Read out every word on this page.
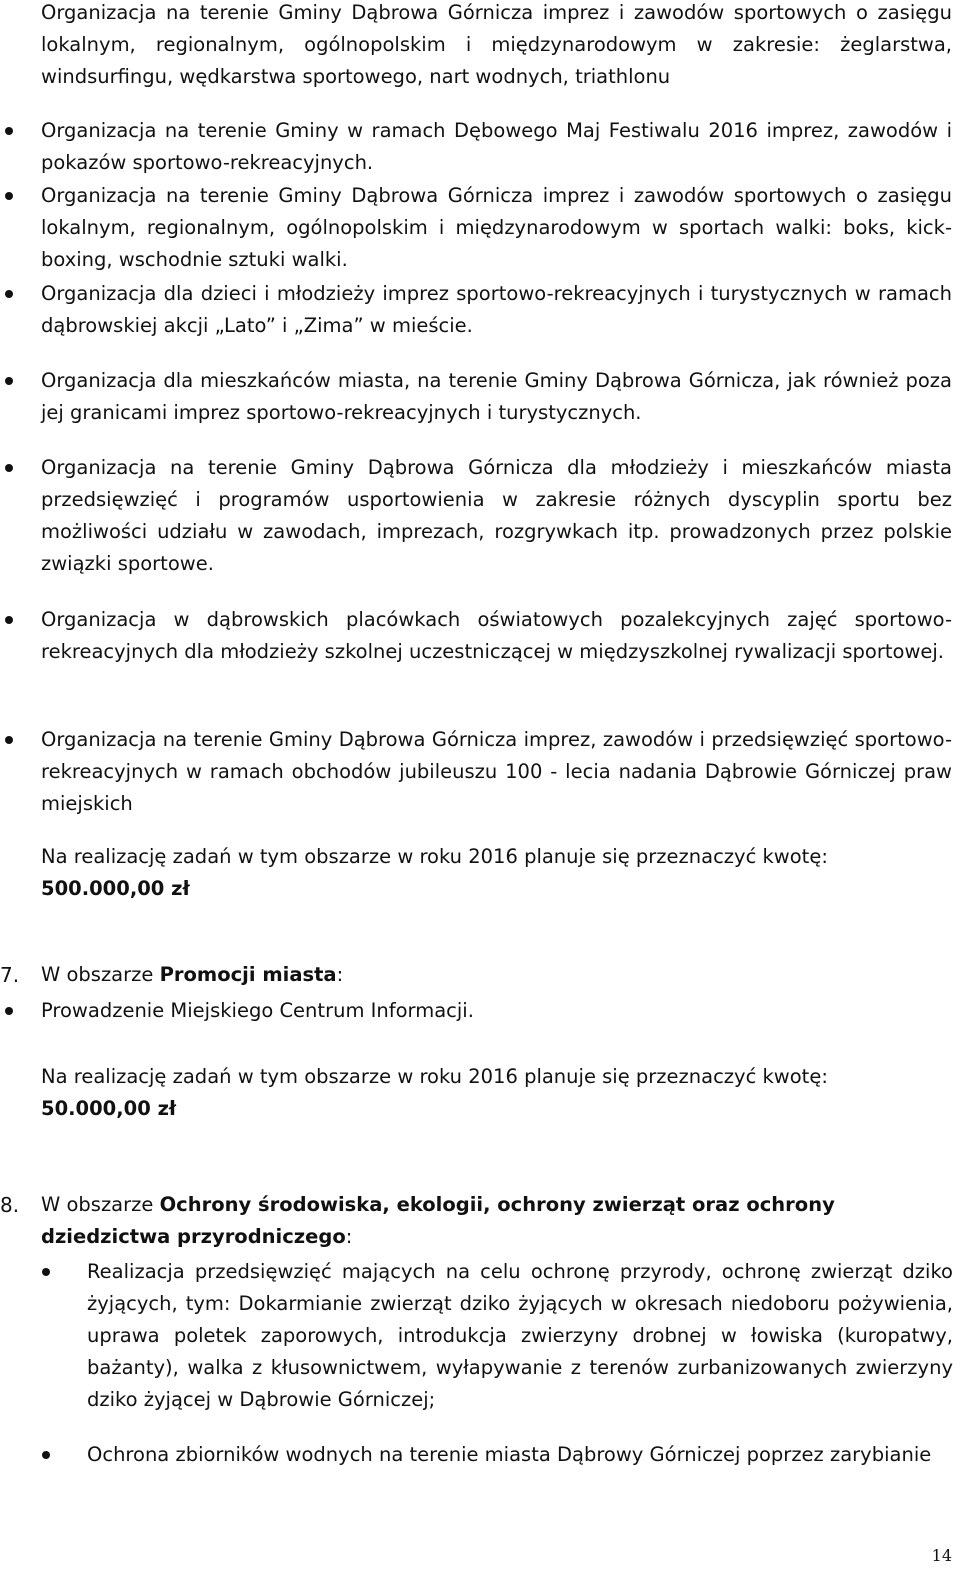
Organizacja na terenie Gminy Dąbrowa Górnicza imprez i zawodów sportowych o zasięgu lokalnym, regionalnym, ogólnopolskim i międzynarodowym w zakresie: żeglarstwa, windsurfingu, wędkarstwa sportowego, nart wodnych, triathlonu
Organizacja na terenie Gminy w ramach Dębowego Maj Festiwalu 2016 imprez, zawodów i pokazów sportowo-rekreacyjnych.
Organizacja na terenie Gminy Dąbrowa Górnicza imprez i zawodów sportowych o zasięgu lokalnym, regionalnym, ogólnopolskim i międzynarodowym w sportach walki: boks, kick-boxing, wschodnie sztuki walki.
Organizacja dla dzieci i młodzieży imprez sportowo-rekreacyjnych i turystycznych w ramach dąbrowskiej akcji „Lato” i „Zima” w mieście.
Organizacja dla mieszkańców miasta, na terenie Gminy Dąbrowa Górnicza, jak również poza jej granicami imprez sportowo-rekreacyjnych i turystycznych.
Organizacja na terenie Gminy Dąbrowa Górnicza dla młodzieży i mieszkańców miasta przedsięwzięć i programów usportowienia w zakresie różnych dyscyplin sportu bez możliwości udziału w zawodach, imprezach, rozgrywkach itp. prowadzonych przez polskie związki sportowe.
Organizacja w dąbrowskich placówkach oświatowych pozalekcyjnych zajęć sportowo-rekreacyjnych dla młodzieży szkolnej uczestniczącej w międzyszkolnej rywalizacji sportowej.
Organizacja na terenie Gminy Dąbrowa Górnicza imprez, zawodów i przedsięwzięć sportowo-rekreacyjnych w ramach obchodów jubileuszu 100 - lecia nadania Dąbrowie Górniczej praw miejskich
Na realizację zadań w tym obszarze w roku 2016 planuje się przeznaczyć kwotę:
500.000,00 zł
7. W obszarze Promocji miasta:
Prowadzenie Miejskiego Centrum Informacji.
Na realizację zadań w tym obszarze w roku 2016 planuje się przeznaczyć kwotę:
50.000,00 zł
8. W obszarze Ochrony środowiska, ekologii, ochrony zwierząt oraz ochrony dziedzictwa przyrodniczego:
Realizacja przedsięwzięć mających na celu ochronę przyrody, ochronę zwierząt dziko żyjących, tym: Dokarmianie zwierząt dziko żyjących w okresach niedoboru pożywienia, uprawa poletek zaporowych, introdukcja zwierzyny drobnej w łowiska (kuropatwy, bażanty), walka z kłusownictwem, wyłapywanie z terenów zurbanizowanych zwierzyny dziko żyjącej w Dąbrowie Górniczej;
Ochrona zbiorników wodnych na terenie miasta Dąbrowy Górniczej poprzez zarybianie
14
